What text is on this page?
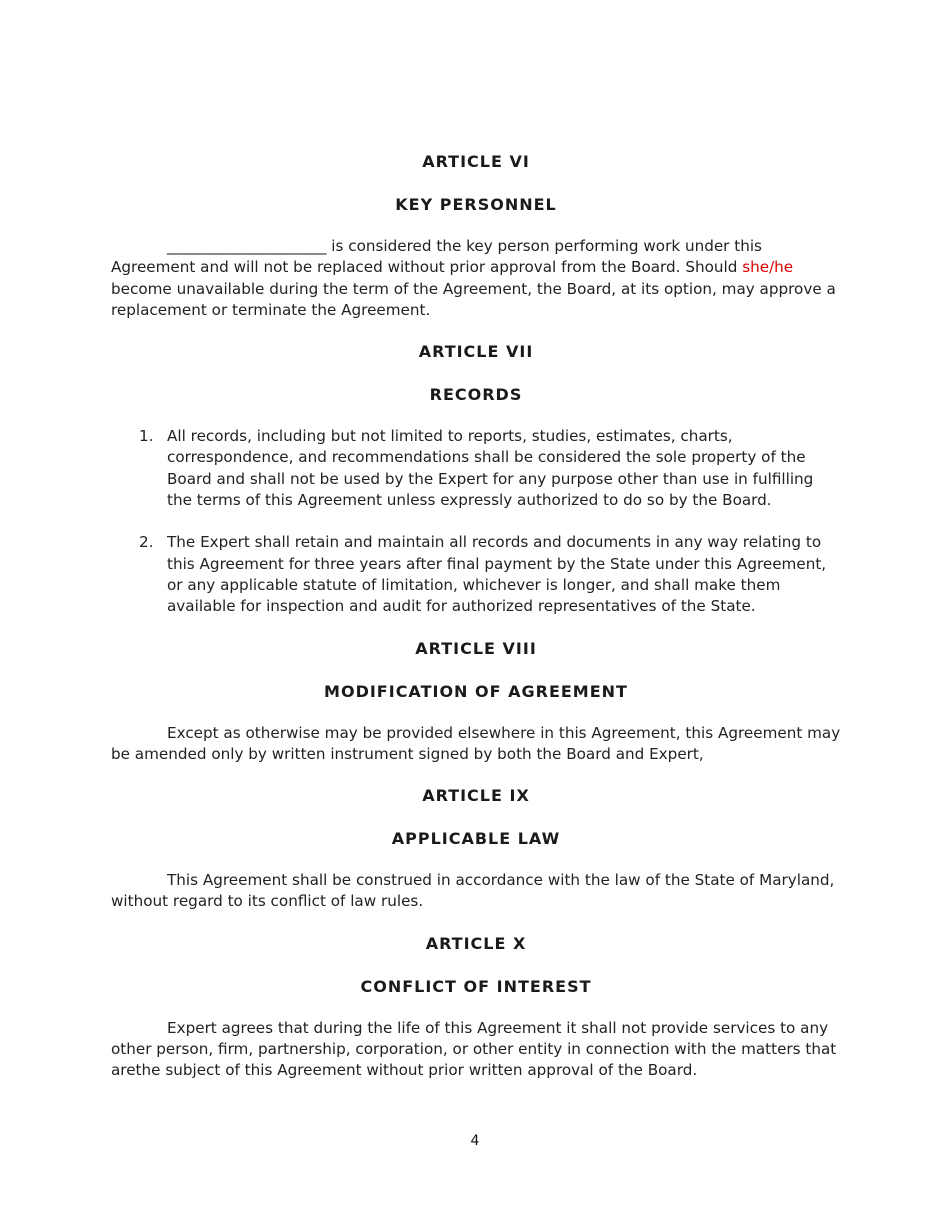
ARTICLE VI
KEY PERSONNEL

_____________________ is considered the key person performing work under this Agreement and will not be replaced without prior approval from the Board. Should she/he become unavailable during the term of the Agreement, the Board, at its option, may approve a replacement or terminate the Agreement.

ARTICLE VII
RECORDS
1. All records, including but not limited to reports, studies, estimates, charts, correspondence, and recommendations shall be considered the sole property of the Board and shall not be used by the Expert for any purpose other than use in fulfilling the terms of this Agreement unless expressly authorized to do so by the Board.
2. The Expert shall retain and maintain all records and documents in any way relating to this Agreement for three years after final payment by the State under this Agreement, or any applicable statute of limitation, whichever is longer, and shall make them available for inspection and audit for authorized representatives of the State.
ARTICLE VIII
MODIFICATION OF AGREEMENT

Except as otherwise may be provided elsewhere in this Agreement, this Agreement may be amended only by written instrument signed by both the Board and Expert,

ARTICLE IX
APPLICABLE LAW

This Agreement shall be construed in accordance with the law of the State of Maryland, without regard to its conflict of law rules.

ARTICLE X
CONFLICT OF INTEREST

Expert agrees that during the life of this Agreement it shall not provide services to any other person, firm, partnership, corporation, or other entity in connection with the matters that arethe subject of this Agreement without prior written approval of the Board.

4
